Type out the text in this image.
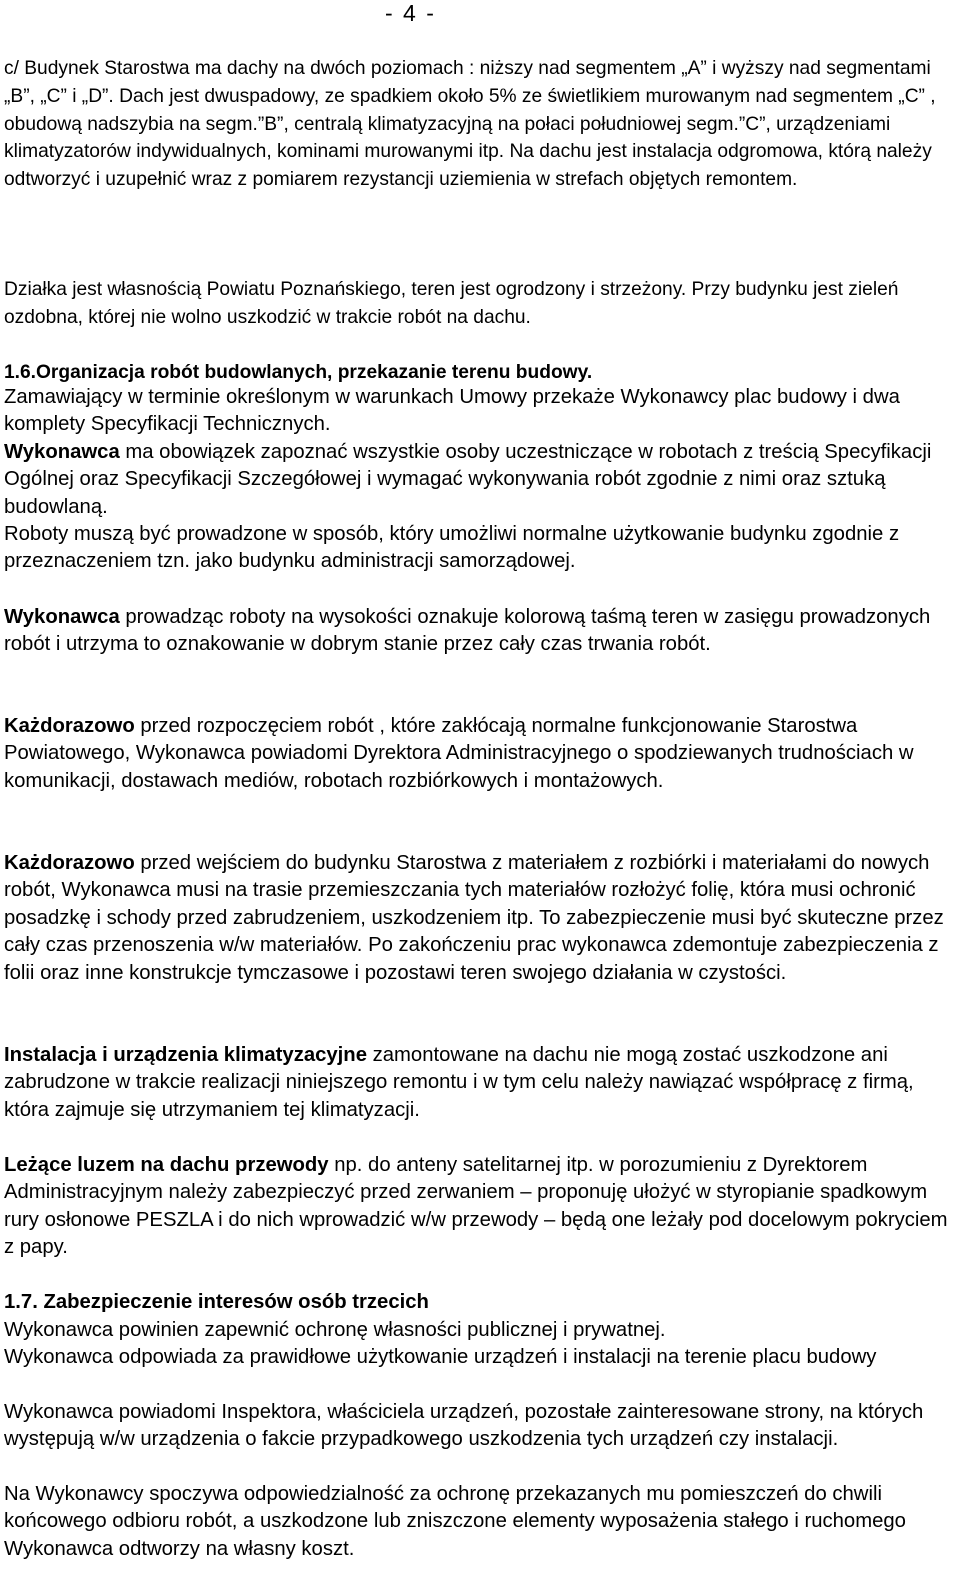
- 4 -

c/ Budynek Starostwa ma dachy na dwóch poziomach : niższy nad segmentem „A” i wyższy nad segmentami „B”, „C” i „D”. Dach jest dwuspadowy, ze spadkiem około 5% ze świetlikiem murowanym nad segmentem „C” , obudową nadszybia na segm.”B”, centralą klimatyzacyjną na połaci południowej segm.”C”, urządzeniami klimatyzatorów indywidualnych, kominami murowanymi itp. Na dachu jest instalacja odgromowa, którą należy odtworzyć i uzupełnić wraz z pomiarem rezystancji uziemienia w strefach objętych remontem.

Działka jest własnością Powiatu Poznańskiego, teren jest ogrodzony i strzeżony. Przy budynku jest zieleń ozdobna, której nie wolno uszkodzić w trakcie robót na dachu.

1.6.Organizacja robót budowlanych, przekazanie terenu budowy.

Zamawiający w terminie określonym w warunkach Umowy przekaże Wykonawcy plac budowy i dwa komplety Specyfikacji Technicznych.

Wykonawca ma obowiązek zapoznać wszystkie osoby uczestniczące w robotach z treścią Specyfikacji Ogólnej oraz Specyfikacji Szczegółowej i wymagać wykonywania robót zgodnie z nimi oraz sztuką budowlaną.

Roboty muszą być prowadzone w sposób, który umożliwi normalne użytkowanie budynku zgodnie z przeznaczeniem tzn. jako budynku administracji samorządowej.

Wykonawca prowadząc roboty na wysokości oznakuje kolorową taśmą teren w zasięgu prowadzonych robót i utrzyma to oznakowanie w dobrym stanie przez cały czas trwania robót.

Każdorazowo przed rozpoczęciem robót , które zakłócają normalne funkcjonowanie Starostwa Powiatowego, Wykonawca powiadomi Dyrektora Administracyjnego o spodziewanych trudnościach w komunikacji, dostawach mediów, robotach rozbiórkowych i montażowych.

Każdorazowo przed wejściem do budynku Starostwa z materiałem z rozbiórki i materiałami do nowych robót, Wykonawca musi na trasie przemieszczania tych materiałów rozłożyć folię, która musi ochronić posadzkę i schody przed zabrudzeniem, uszkodzeniem itp. To zabezpieczenie musi być skuteczne przez cały czas przenoszenia w/w materiałów. Po zakończeniu prac wykonawca zdemontuje zabezpieczenia z folii oraz inne konstrukcje tymczasowe i pozostawi teren swojego działania w czystości.

Instalacja i urządzenia klimatyzacyjne zamontowane na dachu nie mogą zostać uszkodzone ani zabrudzone w trakcie realizacji niniejszego remontu i w tym celu należy nawiązać współpracę z firmą, która zajmuje się utrzymaniem tej klimatyzacji.

Leżące luzem na dachu przewody np. do anteny satelitarnej itp. w porozumieniu z Dyrektorem Administracyjnym należy zabezpieczyć przed zerwaniem – proponuję ułożyć w styropianie spadkowym rury osłonowe PESZLA i do nich wprowadzić w/w przewody – będą one leżały pod docelowym pokryciem z papy.

1.7. Zabezpieczenie interesów osób trzecich

Wykonawca powinien zapewnić ochronę własności publicznej i prywatnej.

Wykonawca odpowiada za prawidłowe użytkowanie urządzeń i instalacji na terenie placu budowy

Wykonawca powiadomi Inspektora, właściciela urządzeń, pozostałe zainteresowane strony, na których występują w/w urządzenia o fakcie przypadkowego uszkodzenia tych urządzeń czy instalacji.

Na Wykonawcy spoczywa odpowiedzialność za ochronę przekazanych mu pomieszczeń do chwili końcowego odbioru robót, a uszkodzone lub zniszczone elementy wyposażenia stałego i ruchomego Wykonawca odtworzy na własny koszt.
